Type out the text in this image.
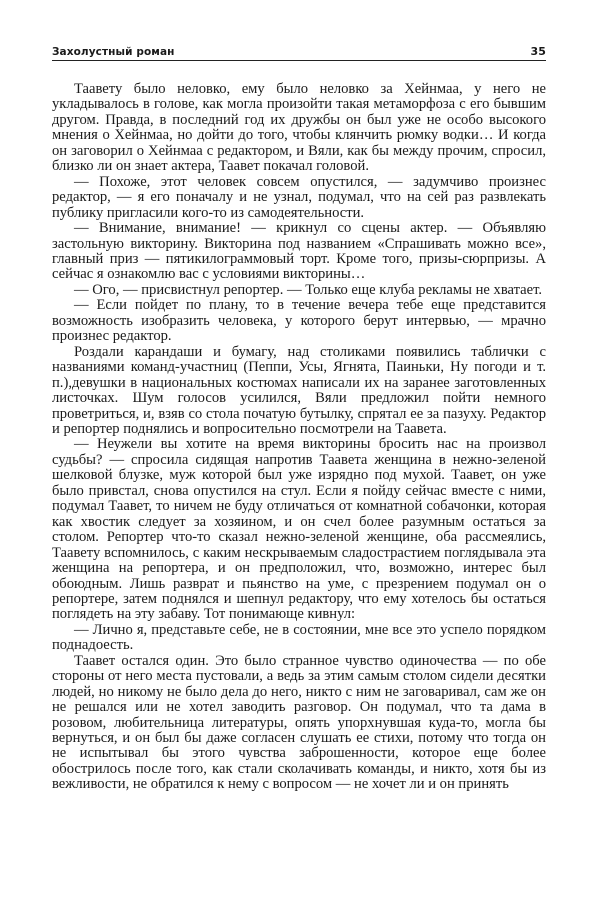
Захолустный роман	35

Таавету было неловко, ему было неловко за Хейнмаа, у него не укладывалось в голове, как могла произойти такая метаморфоза с его бывшим другом. Правда, в последний год их дружбы он был уже не особо высокого мнения о Хейнмаа, но дойти до того, чтобы клянчить рюмку водки… И когда он заговорил о Хейнмаа с редактором, и Вяли, как бы между прочим, спросил, близко ли он знает актера, Таавет покачал головой.

— Похоже, этот человек совсем опустился, — задумчиво произнес редактор, — я его поначалу и не узнал, подумал, что на сей раз развлекать публику пригласили кого-то из самодеятельности.

— Внимание, внимание! — крикнул со сцены актер. — Объявляю застольную викторину. Викторина под названием «Спрашивать можно все», главный приз — пятикилограммовый торт. Кроме того, призы-сюрпризы. А сейчас я ознакомлю вас с условиями викторины…

— Ого, — присвистнул репортер. — Только еще клуба рекламы не хватает.

— Если пойдет по плану, то в течение вечера тебе еще представится возможность изобразить человека, у которого берут интервью, — мрачно произнес редактор.

Роздали карандаши и бумагу, над столиками появились таблички с названиями команд-участниц (Пеппи, Усы, Ягнята, Паиньки, Ну погоди и т. п.),девушки в национальных костюмах написали их на заранее заготовленных листочках. Шум голосов усилился, Вяли предложил пойти немного проветриться, и, взяв со стола початую бутылку, спрятал ее за пазуху. Редактор и репортер поднялись и вопросительно посмотрели на Таавета.

— Неужели вы хотите на время викторины бросить нас на произвол судьбы? — спросила сидящая напротив Таавета женщина в нежно-зеленой шелковой блузке, муж которой был уже изрядно под мухой. Таавет, он уже было привстал, снова опустился на стул. Если я пойду сейчас вместе с ними, подумал Таавет, то ничем не буду отличаться от комнатной собачонки, которая как хвостик следует за хозяином, и он счел более разумным остаться за столом. Репортер что-то сказал нежно-зеленой женщине, оба рассмеялись, Таавету вспомнилось, с каким нескрываемым сладострастием поглядывала эта женщина на репортера, и он предположил, что, возможно, интерес был обоюдным. Лишь разврат и пьянство на уме, с презрением подумал он о репортере, затем поднялся и шепнул редактору, что ему хотелось бы остаться поглядеть на эту забаву. Тот понимающе кивнул:

— Лично я, представьте себе, не в состоянии, мне все это успело порядком поднадоесть.

Таавет остался один. Это было странное чувство одиночества — по обе стороны от него места пустовали, а ведь за этим самым столом сидели десятки людей, но никому не было дела до него, никто с ним не заговаривал, сам же он не решался или не хотел заводить разговор. Он подумал, что та дама в розовом, любительница литературы, опять упорхнувшая куда-то, могла бы вернуться, и он был бы даже согласен слушать ее стихи, потому что тогда он не испытывал бы этого чувства заброшенности, которое еще более обострилось после того, как стали сколачивать команды, и никто, хотя бы из вежливости, не обратился к нему с вопросом — не хочет ли и он принять
